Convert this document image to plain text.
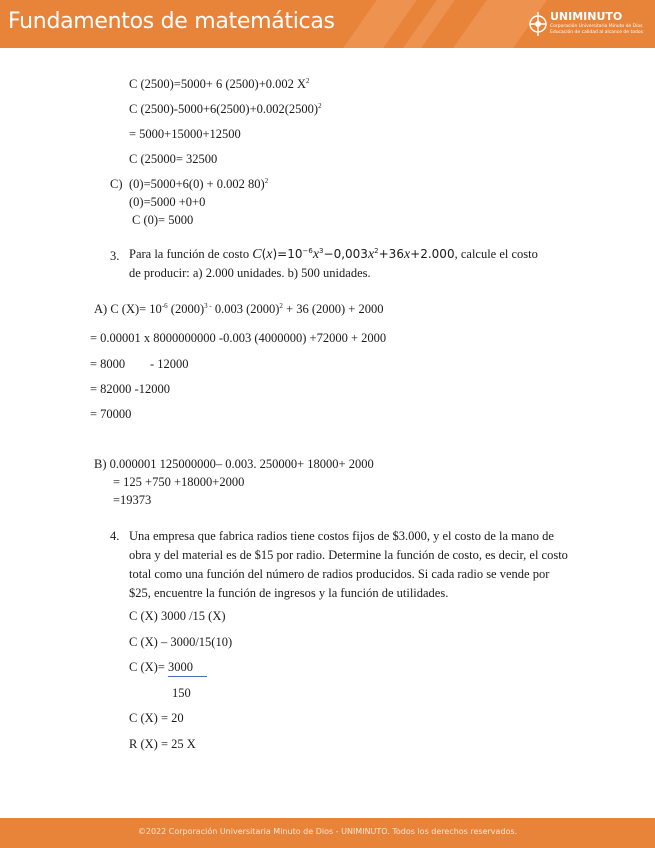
Fundamentos de matemáticas	UNIMINUTO
Corporación Universitaria Minuto de Dios
Educación de calidad al alcance de todos
C (2500)=5000+ 6 (2500)+0.002 $X^2$
C $(2500)-5000+6(2500)+0.002(2500)^2$
= 5000+15000+12500
C (25000= 32500
C) (0)=5000+6(0) + 0.002 80)$^2$
(0)=5000 +0+0
C (0)= 5000
3. Para la función de costo $C(x)=10^{-6}x^3-0,003x^2+36x+2.000$, calcule el costo
de producir: a) 2.000 unidades. b) 500 unidades.
A) C $(X)= 10^{-6}$ $(2000)^{3 -}$ 0.003 $(2000)^2 + 36$ (2000) + 2000
= 0.00001 x 8000000000 -0.003 (4000000) +72000 + 2000
= 8000 - 12000
= 82000 -12000
= 70000
B) 0.000001 125000000– 0.003. 250000+ 18000+ 2000
= 125 +750 +18000+2000
=19373
4. Una empresa que fabrica radios tiene costos fijos de $3.000, y el costo de la mano de obra y del material es de $15 por radio. Determine la función de costo, es decir, el costo total como una función del número de radios producidos. Si cada radio se vende por $25, encuentre la función de ingresos y la función de utilidades.
C (X) 3000 /15 (X)
C (X) – 3000/15(10)
C (X)= 3000
150
C (X) = 20
R (X) = 25 X
©2022 Corporación Universitaria Minuto de Dios - UNIMINUTO. Todos los derechos reservados.
